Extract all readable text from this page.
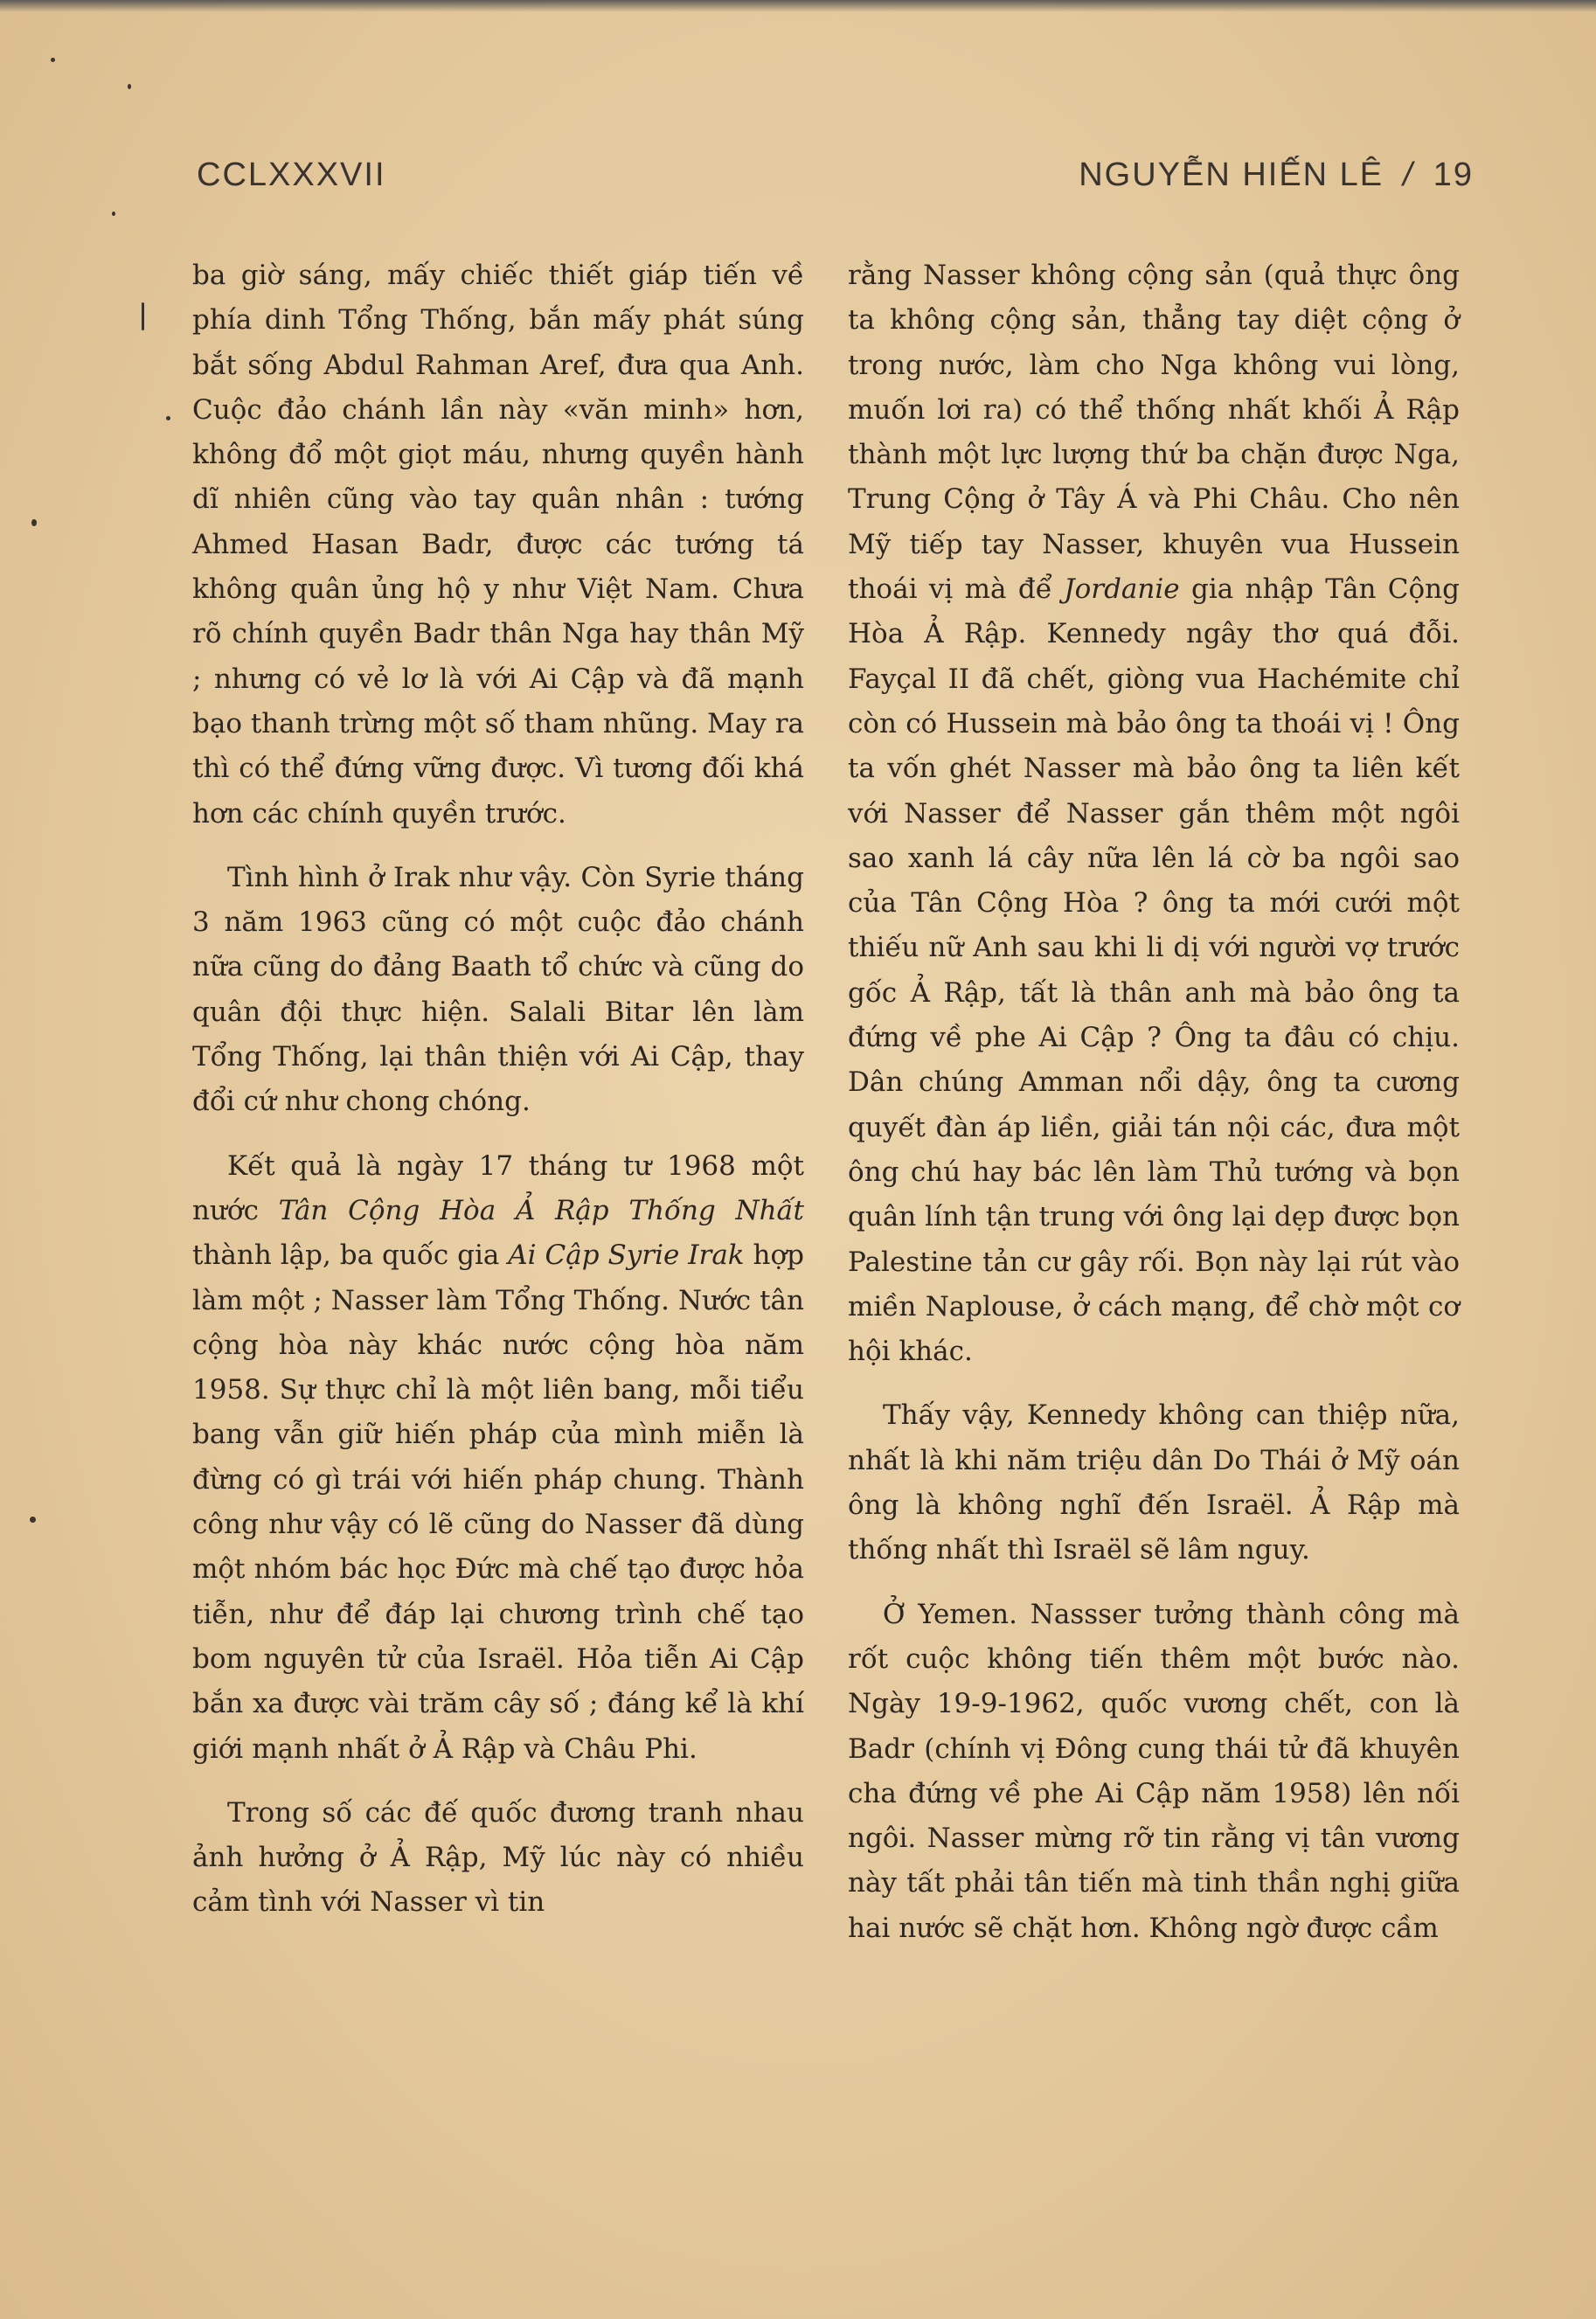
CCLXXXVII	NGUYỄN HIẾN LÊ / 19

ba giờ sáng, mấy chiếc thiết giáp tiến về phía dinh Tổng Thống, bắn mấy phát súng bắt sống Abdul Rahman Aref, đưa qua Anh. Cuộc đảo chánh lần này «văn minh» hơn, không đổ một giọt máu, nhưng quyền hành dĩ nhiên cũng vào tay quân nhân : tướng Ahmed Hasan Badr, được các tướng tá không quân ủng hộ y như Việt Nam. Chưa rõ chính quyền Badr thân Nga hay thân Mỹ ; nhưng có vẻ lơ là với Ai Cập và đã mạnh bạo thanh trừng một số tham nhũng. May ra thì có thể đứng vững được. Vì tương đối khá hơn các chính quyền trước.

Tình hình ở Irak như vậy. Còn Syrie tháng 3 năm 1963 cũng có một cuộc đảo chánh nữa cũng do đảng Baath tổ chức và cũng do quân đội thực hiện. Salali Bitar lên làm Tổng Thống, lại thân thiện với Ai Cập, thay đổi cứ như chong chóng.

Kết quả là ngày 17 tháng tư 1968 một nước Tân Cộng Hòa Ả Rập Thống Nhất thành lập, ba quốc gia Ai Cập Syrie Irak hợp làm một ; Nasser làm Tổng Thống. Nước tân cộng hòa này khác nước cộng hòa năm 1958. Sự thực chỉ là một liên bang, mỗi tiểu bang vẫn giữ hiến pháp của mình miễn là đừng có gì trái với hiến pháp chung. Thành công như vậy có lẽ cũng do Nasser đã dùng một nhóm bác học Đức mà chế tạo được hỏa tiễn, như để đáp lại chương trình chế tạo bom nguyên tử của Israël. Hỏa tiễn Ai Cập bắn xa được vài trăm cây số ; đáng kể là khí giới mạnh nhất ở Ả Rập và Châu Phi.

Trong số các đế quốc đương tranh nhau ảnh hưởng ở Ả Rập, Mỹ lúc này có nhiều cảm tình với Nasser vì tin

rằng Nasser không cộng sản (quả thực ông ta không cộng sản, thẳng tay diệt cộng ở trong nước, làm cho Nga không vui lòng, muốn lơi ra) có thể thống nhất khối Ả Rập thành một lực lượng thứ ba chặn được Nga, Trung Cộng ở Tây Á và Phi Châu. Cho nên Mỹ tiếp tay Nasser, khuyên vua Hussein thoái vị mà để Jordanie gia nhập Tân Cộng Hòa Ả Rập. Kennedy ngây thơ quá đỗi. Fayçal II đã chết, giòng vua Hachémite chỉ còn có Hussein mà bảo ông ta thoái vị ! Ông ta vốn ghét Nasser mà bảo ông ta liên kết với Nasser để Nasser gắn thêm một ngôi sao xanh lá cây nữa lên lá cờ ba ngôi sao của Tân Cộng Hòa ? ông ta mới cưới một thiếu nữ Anh sau khi li dị với người vợ trước gốc Ả Rập, tất là thân anh mà bảo ông ta đứng về phe Ai Cập ? Ông ta đâu có chịu. Dân chúng Amman nổi dậy, ông ta cương quyết đàn áp liền, giải tán nội các, đưa một ông chú hay bác lên làm Thủ tướng và bọn quân lính tận trung với ông lại dẹp được bọn Palestine tản cư gây rối. Bọn này lại rút vào miền Naplouse, ở cách mạng, để chờ một cơ hội khác.

Thấy vậy, Kennedy không can thiệp nữa, nhất là khi năm triệu dân Do Thái ở Mỹ oán ông là không nghĩ đến Israël. Ả Rập mà thống nhất thì Israël sẽ lâm nguy.

Ở Yemen. Nassser tưởng thành công mà rốt cuộc không tiến thêm một bước nào. Ngày 19-9-1962, quốc vương chết, con là Badr (chính vị Đông cung thái tử đã khuyên cha đứng về phe Ai Cập năm 1958) lên nối ngôi. Nasser mừng rỡ tin rằng vị tân vương này tất phải tân tiến mà tinh thần nghị giữa hai nước sẽ chặt hơn. Không ngờ được cầm
